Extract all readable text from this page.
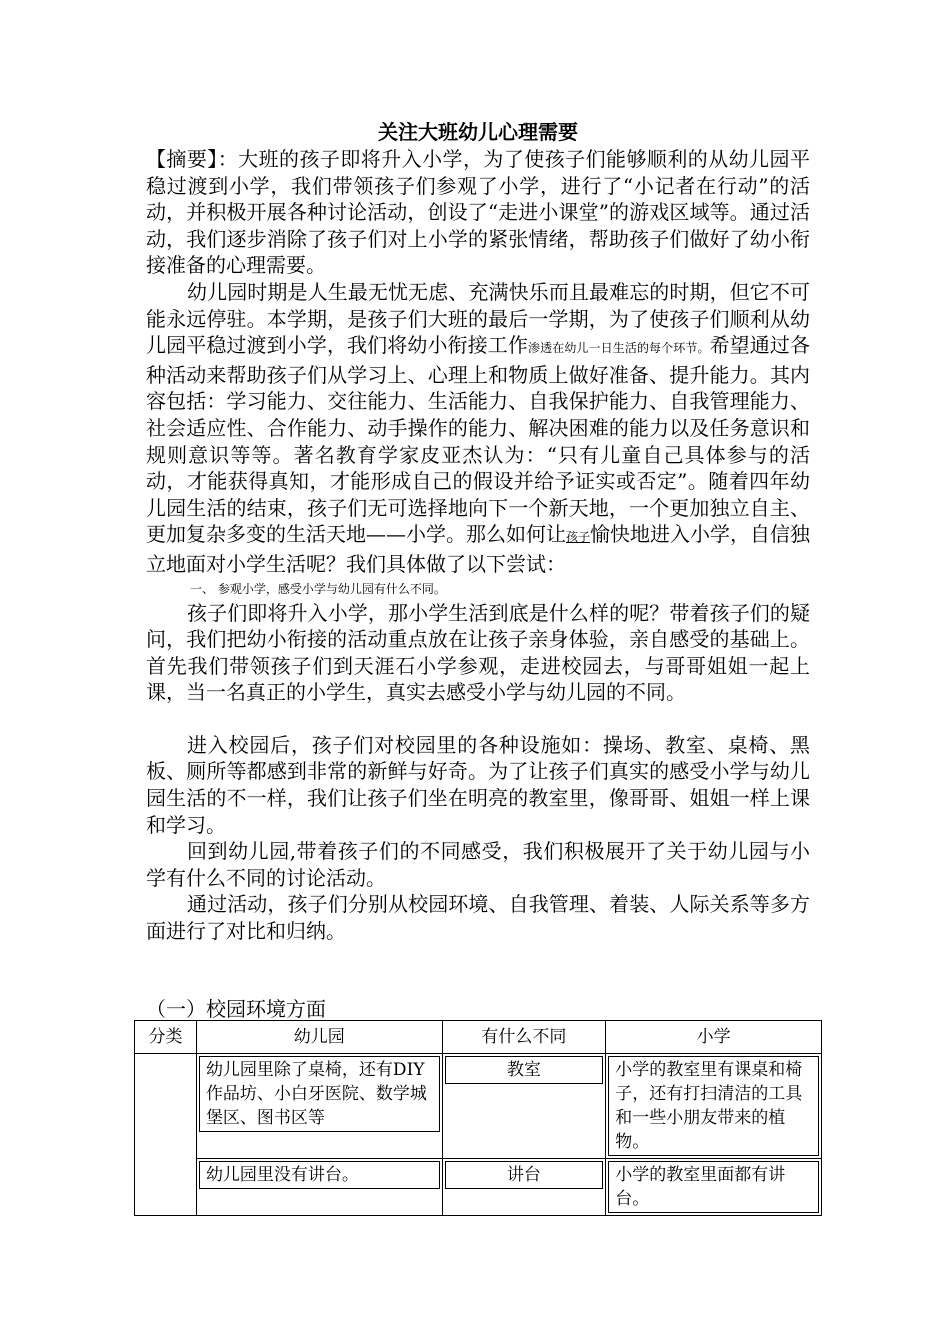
关注大班幼儿心理需要

【摘要】：大班的孩子即将升入小学，为了使孩子们能够顺利的从幼儿园平稳过渡到小学，我们带领孩子们参观了小学，进行了“小记者在行动”的活动，并积极开展各种讨论活动，创设了“走进小课堂”的游戏区域等。通过活动，我们逐步消除了孩子们对上小学的紧张情绪，帮助孩子们做好了幼小衔接准备的心理需要。

幼儿园时期是人生最无忧无虑、充满快乐而且最难忘的时期，但它不可能永远停驻。本学期，是孩子们大班的最后一学期，为了使孩子们顺利从幼儿园平稳过渡到小学，我们将幼小衔接工作渗透在幼儿一日生活的每个环节。希望通过各种活动来帮助孩子们从学习上、心理上和物质上做好准备、提升能力。其内容包括：学习能力、交往能力、生活能力、自我保护能力、自我管理能力、社会适应性、合作能力、动手操作的能力、解决困难的能力以及任务意识和规则意识等等。著名教育学家皮亚杰认为：“只有儿童自己具体参与的活动，才能获得真知，才能形成自己的假设并给予证实或否定”。随着四年幼儿园生活的结束，孩子们无可选择地向下一个新天地，一个更加独立自主、更加复杂多变的生活天地——小学。那么如何让孩子愉快地进入小学，自信独立地面对小学生活呢？我们具体做了以下尝试：

一、 参观小学，感受小学与幼儿园有什么不同。

孩子们即将升入小学，那小学生活到底是什么样的呢？带着孩子们的疑问，我们把幼小衔接的活动重点放在让孩子亲身体验，亲自感受的基础上。首先我们带领孩子们到天涯石小学参观，走进校园去，与哥哥姐姐一起上课，当一名真正的小学生，真实去感受小学与幼儿园的不同。

进入校园后，孩子们对校园里的各种设施如：操场、教室、桌椅、黑板、厕所等都感到非常的新鲜与好奇。为了让孩子们真实的感受小学与幼儿园生活的不一样，我们让孩子们坐在明亮的教室里，像哥哥、姐姐一样上课和学习。

回到幼儿园,带着孩子们的不同感受，我们积极展开了关于幼儿园与小学有什么不同的讨论活动。

通过活动，孩子们分别从校园环境、自我管理、着装、人际关系等多方面进行了对比和归纳。

（一）校园环境方面

分类	幼儿园	有什么不同	小学

	幼儿园里除了桌椅，还有DIY作品坊、小白牙医院、数学城堡区、图书区等	教室	小学的教室里有课桌和椅子，还有打扫清洁的工具和一些小朋友带来的植物。

	幼儿园里没有讲台。	讲台	小学的教室里面都有讲台。
